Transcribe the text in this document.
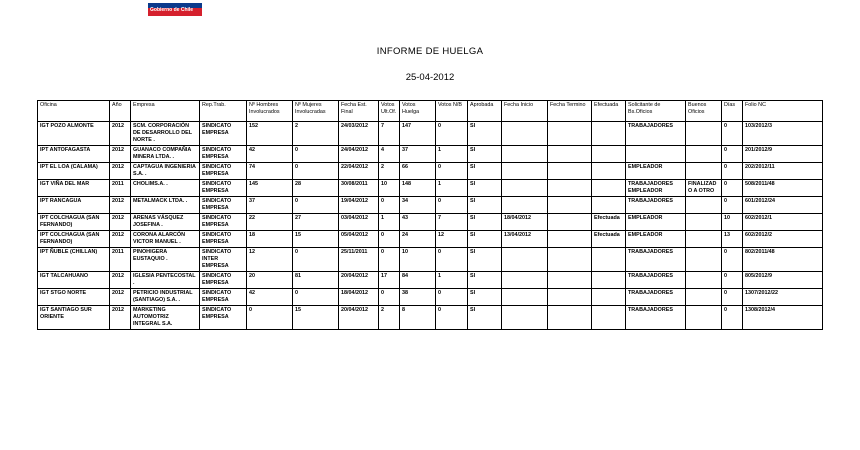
Gobierno de Chile
INFORME DE HUELGA
25-04-2012
Oficina	Año	Empresa	Rep.Trab.	Nº Hombres Involucrados	Nº Mujeres Involucradas	Fecha Est. Final	Votos Ult.Of.	Votos Huelga	Votos N/B	Aprobada	Fecha Inicio	Fecha Termino	Efectuada	Solicitante de Bs.Oficios	Buenos Oficios	Días	Folio NC
IGT POZO ALMONTE	2012	SCM. CORPORACIÓN DE DESARROLLO DEL NORTE .	SINDICATO EMPRESA	152	2	24/03/2012	7	147	0	SI				TRABAJADORES		0	103/2012/3
IPT ANTOFAGASTA	2012	GUANACO COMPAÑIA MINERA LTDA. .	SINDICATO EMPRESA	42	0	24/04/2012	4	37	1	SI						0	201/2012/9
IPT EL LOA (CALAMA)	2012	CAPTAGUA INGENIERIA S.A. .	SINDICATO EMPRESA	74	0	22/04/2012	2	66	0	SI				EMPLEADOR		0	202/2012/11
IGT VIÑA DEL MAR	2011	CHOLIMS.A. .	SINDICATO EMPRESA	145	28	30/08/2011	10	148	1	SI				TRABAJADORES EMPLEADOR	FINALIZADO A OTRO	0	508/2011/48
IPT RANCAGUA	2012	METALMACK LTDA. .	SINDICATO EMPRESA	37	0	19/04/2012	0	34	0	SI				TRABAJADORES		0	601/2012/24
IPT COLCHAGUA (SAN FERNANDO)	2012	ARENAS VÁSQUEZ JOSEFINA .	SINDICATO EMPRESA	22	27	03/04/2012	1	43	7	SI	18/04/2012		Efectuada	EMPLEADOR		10	602/2012/1
IPT COLCHAGUA (SAN FERNANDO)	2012	CORONA ALARCÓN VICTOR MANUEL .	SINDICATO EMPRESA	18	15	05/04/2012	0	24	12	SI	13/04/2012		Efectuada	EMPLEADOR		13	602/2012/2
IPT ÑUBLE (CHILLAN)	2011	PINOHIGERA EUSTAQUIO .	SINDICATO INTER EMPRESA	12	0	25/11/2011	0	10	0	SI				TRABAJADORES		0	802/2011/48
IGT TALCAHUANO	2012	IGLESIA PENTECOSTAL .	SINDICATO EMPRESA	20	81	20/04/2012	17	84	1	SI				TRABAJADORES		0	805/2012/9
IGT STGO NORTE	2012	PETRICIO INDUSTRIAL (SANTIAGO) S.A. .	SINDICATO EMPRESA	42	0	18/04/2012	0	38	0	SI				TRABAJADORES		0	1307/2012/22
IGT SANTIAGO SUR ORIENTE	2012	MARKETING AUTOMOTRIZ INTEGRAL S.A.	SINDICATO EMPRESA	0	15	20/04/2012	2	8	0	SI				TRABAJADORES		0	1308/2012/4
